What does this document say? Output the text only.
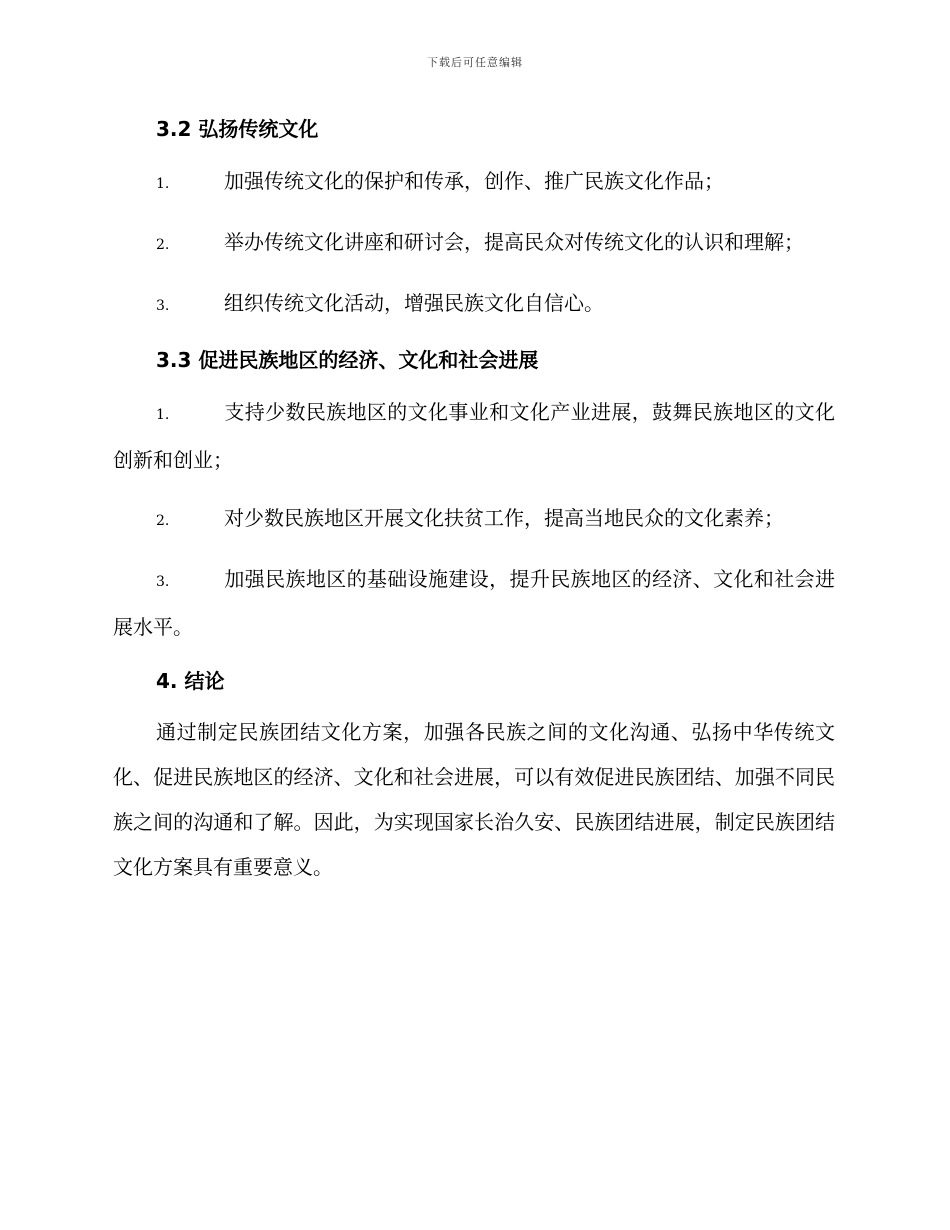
下载后可任意编辑
3.2 弘扬传统文化
1.	加强传统文化的保护和传承，创作、推广民族文化作品；
2.	举办传统文化讲座和研讨会，提高民众对传统文化的认识和理解；
3.	组织传统文化活动，增强民族文化自信心。
3.3 促进民族地区的经济、文化和社会进展
1.	支持少数民族地区的文化事业和文化产业进展，鼓舞民族地区的文化创新和创业；
2.	对少数民族地区开展文化扶贫工作，提高当地民众的文化素养；
3.	加强民族地区的基础设施建设，提升民族地区的经济、文化和社会进展水平。
4. 结论

通过制定民族团结文化方案，加强各民族之间的文化沟通、弘扬中华传统文化、促进民族地区的经济、文化和社会进展，可以有效促进民族团结、加强不同民族之间的沟通和了解。因此，为实现国家长治久安、民族团结进展，制定民族团结文化方案具有重要意义。
